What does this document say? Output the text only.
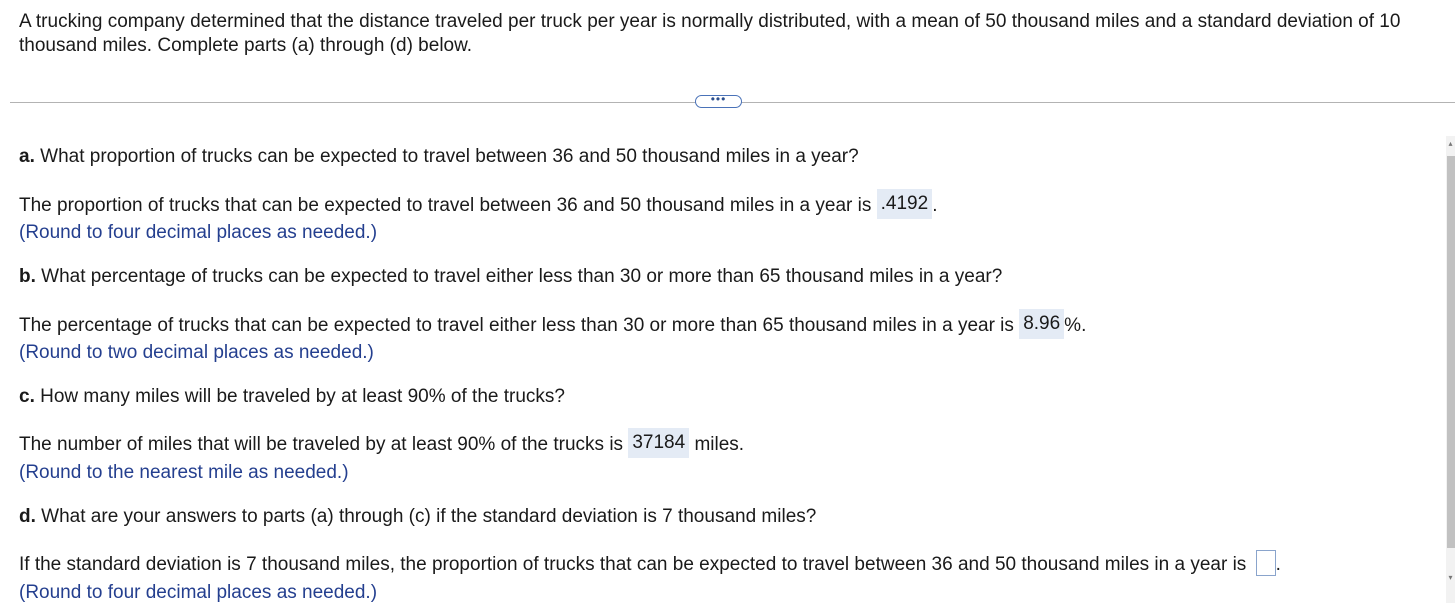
A trucking company determined that the distance traveled per truck per year is normally distributed, with a mean of 50 thousand miles and a standard deviation of 10 thousand miles. Complete parts (a) through (d) below.

•••

a. What proportion of trucks can be expected to travel between 36 and 50 thousand miles in a year?

The proportion of trucks that can be expected to travel between 36 and 50 thousand miles in a year is .4192 .

(Round to four decimal places as needed.)

b. What percentage of trucks can be expected to travel either less than 30 or more than 65 thousand miles in a year?

The percentage of trucks that can be expected to travel either less than 30 or more than 65 thousand miles in a year is 8.96 %.

(Round to two decimal places as needed.)

c. How many miles will be traveled by at least 90% of the trucks?

The number of miles that will be traveled by at least 90% of the trucks is 37184 miles.

(Round to the nearest mile as needed.)

d. What are your answers to parts (a) through (c) if the standard deviation is 7 thousand miles?

If the standard deviation is 7 thousand miles, the proportion of trucks that can be expected to travel between 36 and 50 thousand miles in a year is .

(Round to four decimal places as needed.)

▴
▾
